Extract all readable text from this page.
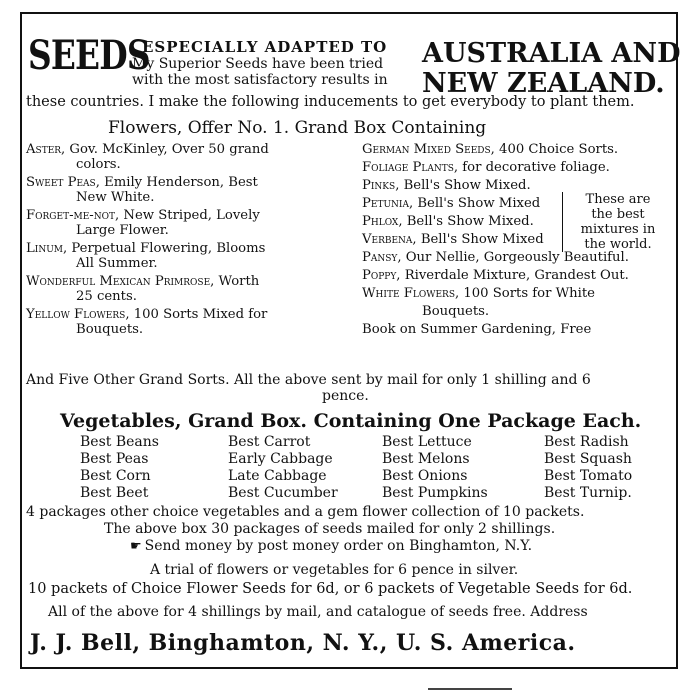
SEEDS
ESPECIALLY ADAPTED TO
My Superior Seeds have been tried
with the most satisfactory results in
AUSTRALIA AND
NEW ZEALAND.
these countries. I make the following inducements to get everybody to plant them.
Flowers, Offer No. 1. Grand Box Containing
Aster, Gov. McKinley, Over 50 grand
colors.
Sweet Peas, Emily Henderson, Best
New White.
Forget-me-not, New Striped, Lovely
Large Flower.
Linum, Perpetual Flowering, Blooms
All Summer.
Wonderful Mexican Primrose, Worth
25 cents.
Yellow Flowers, 100 Sorts Mixed for
Bouquets.
German Mixed Seeds, 400 Choice Sorts.
Foliage Plants, for decorative foliage.
Pinks, Bell's Show Mixed.
Petunia, Bell's Show Mixed
Phlox, Bell's Show Mixed.
Verbena, Bell's Show Mixed
Pansy, Our Nellie, Gorgeously Beautiful.
Poppy, Riverdale Mixture, Grandest Out.
White Flowers, 100 Sorts for White
Bouquets.
Book on Summer Gardening, Free
These are
the best
mixtures in
the world.
And Five Other Grand Sorts. All the above sent by mail for only 1 shilling and 6
pence.
Vegetables, Grand Box. Containing One Package Each.
Best Beans
Best Peas
Best Corn
Best Beet
Best Carrot
Early Cabbage
Late Cabbage
Best Cucumber
Best Lettuce
Best Melons
Best Onions
Best Pumpkins
Best Radish
Best Squash
Best Tomato
Best Turnip.
4 packages other choice vegetables and a gem flower collection of 10 packets.
The above box 30 packages of seeds mailed for only 2 shillings.
☛ Send money by post money order on Binghamton, N.Y.
A trial of flowers or vegetables for 6 pence in silver.
10 packets of Choice Flower Seeds for 6d, or 6 packets of Vegetable Seeds for 6d.
All of the above for 4 shillings by mail, and catalogue of seeds free. Address
J. J. Bell, Binghamton, N. Y., U. S. America.
